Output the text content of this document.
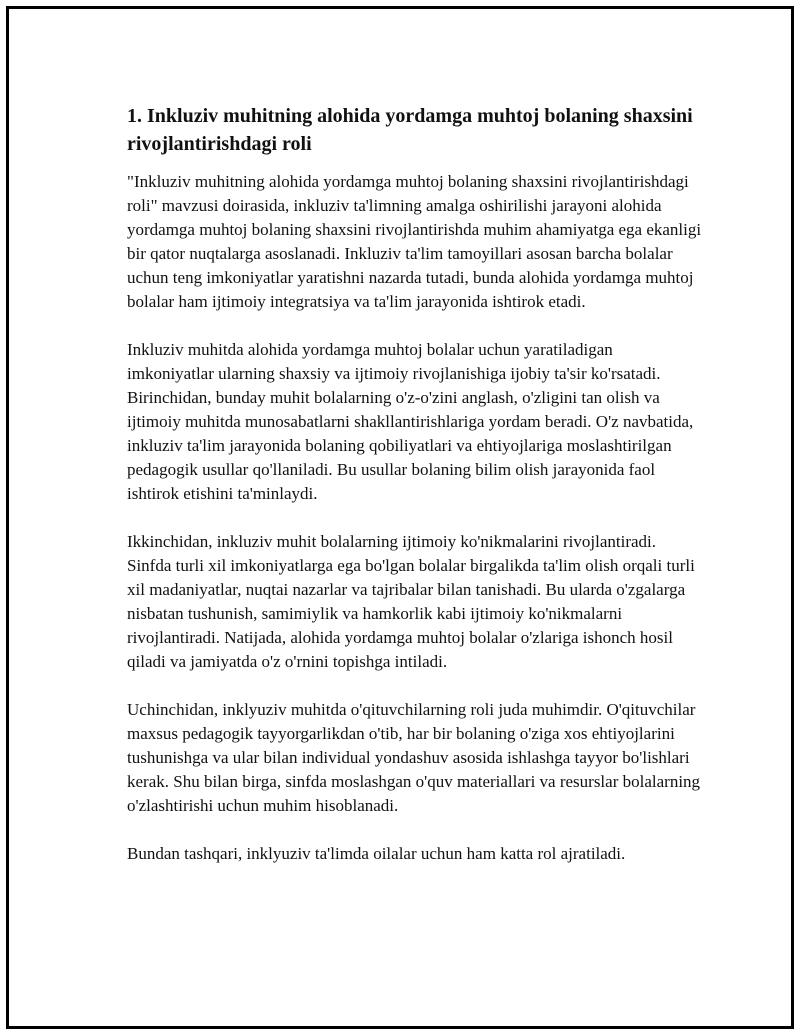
1. Inkluziv muhitning alohida yordamga muhtoj bolaning shaxsini rivojlantirishdagi roli

"Inkluziv muhitning alohida yordamga muhtoj bolaning shaxsini rivojlantirishdagi roli" mavzusi doirasida, inkluziv ta'limning amalga oshirilishi jarayoni alohida yordamga muhtoj bolaning shaxsini rivojlantirishda muhim ahamiyatga ega ekanligi bir qator nuqtalarga asoslanadi. Inkluziv ta'lim tamoyillari asosan barcha bolalar uchun teng imkoniyatlar yaratishni nazarda tutadi, bunda alohida yordamga muhtoj bolalar ham ijtimoiy integratsiya va ta'lim jarayonida ishtirok etadi.

Inkluziv muhitda alohida yordamga muhtoj bolalar uchun yaratiladigan imkoniyatlar ularning shaxsiy va ijtimoiy rivojlanishiga ijobiy ta'sir ko'rsatadi. Birinchidan, bunday muhit bolalarning o'z-o'zini anglash, o'zligini tan olish va ijtimoiy muhitda munosabatlarni shakllantirishlariga yordam beradi. O'z navbatida, inkluziv ta'lim jarayonida bolaning qobiliyatlari va ehtiyojlariga moslashtirilgan pedagogik usullar qo'llaniladi. Bu usullar bolaning bilim olish jarayonida faol ishtirok etishini ta'minlaydi.

Ikkinchidan, inkluziv muhit bolalarning ijtimoiy ko'nikmalarini rivojlantiradi. Sinfda turli xil imkoniyatlarga ega bo'lgan bolalar birgalikda ta'lim olish orqali turli xil madaniyatlar, nuqtai nazarlar va tajribalar bilan tanishadi. Bu ularda o'zgalarga nisbatan tushunish, samimiylik va hamkorlik kabi ijtimoiy ko'nikmalarni rivojlantiradi. Natijada, alohida yordamga muhtoj bolalar o'zlariga ishonch hosil qiladi va jamiyatda o'z o'rnini topishga intiladi.

Uchinchidan, inklyuziv muhitda o'qituvchilarning roli juda muhimdir. O'qituvchilar maxsus pedagogik tayyorgarlikdan o'tib, har bir bolaning o'ziga xos ehtiyojlarini tushunishga va ular bilan individual yondashuv asosida ishlashga tayyor bo'lishlari kerak. Shu bilan birga, sinfda moslashgan o'quv materiallari va resurslar bolalarning o'zlashtirishi uchun muhim hisoblanadi.

Bundan tashqari, inklyuziv ta'limda oilalar uchun ham katta rol ajratiladi.
